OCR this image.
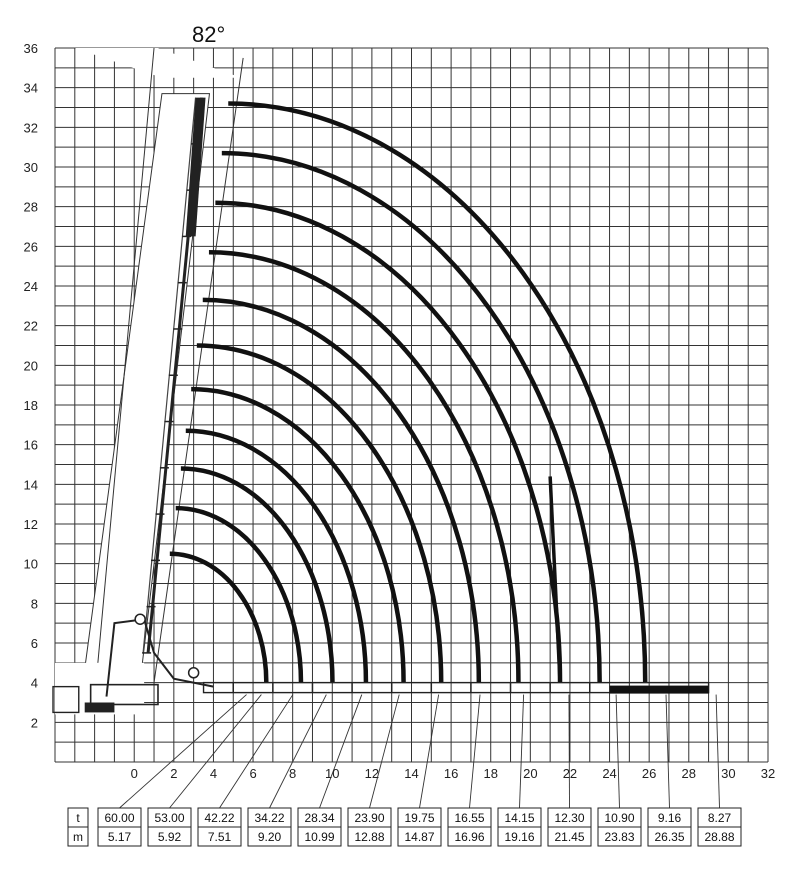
0 2 4 6 8 10 12 14 16 18 20 22 24 26 28 30 32
2
4
6
8
10
12
14
16
18
20
22
24
26
28
30
32
34
36
82°
t
m
60.00
5.17
53.00
5.92
42.22
7.51
34.22
9.20
28.34
10.99
23.90
12.88
19.75
14.87
16.55
16.96
14.15
19.16
12.30
21.45
10.90
23.83
9.16
26.35
8.27
28.88
